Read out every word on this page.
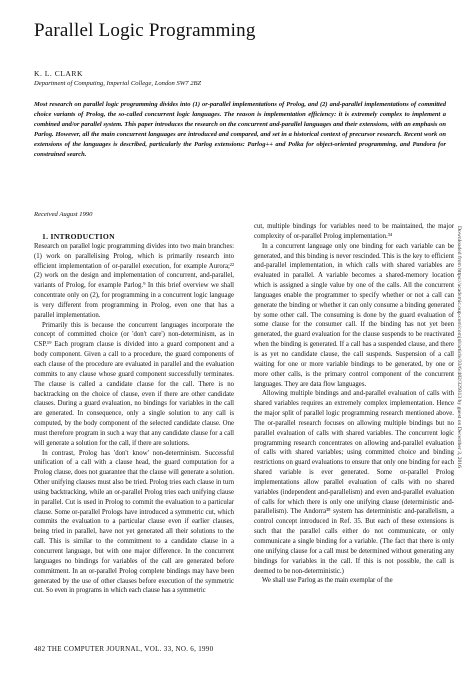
Parallel Logic Programming
K. L. CLARK
Department of Computing, Imperial College, London SW7 2BZ

Most research on parallel logic programming divides into (1) or-parallel implementations of Prolog, and (2) and-parallel implementations of committed choice variants of Prolog, the so-called concurrent logic languages. The reason is implementation efficiency: it is extremely complex to implement a combined and/or parallel system. This paper introduces the research on the concurrent and-parallel languages and their extensions, with an emphasis on Parlog. However, all the main concurrent languages are introduced and compared, and set in a historical context of precursor research. Recent work on extensions of the languages is described, particularly the Parlog extensions: Parlog++ and Polka for object-oriented programming, and Pandora for constrained search.

Received August 1990

1. INTRODUCTION

Research on parallel logic programming divides into two main branches: (1) work on parallelising Prolog, which is primarily research into efficient implementation of or-parallel execution, for example Aurora;²² (2) work on the design and implementation of concurrent, and-parallel, variants of Prolog, for example Parlog.⁹ In this brief overview we shall concentrate only on (2), for programming in a concurrent logic language is very different from programming in Prolog, even one that has a parallel implementation.

Primarily this is because the concurrent languages incorporate the concept of committed choice (or 'don't care') non-determinism, as in CSP.¹⁹ Each program clause is divided into a guard component and a body component. Given a call to a procedure, the guard components of each clause of the procedure are evaluated in parallel and the evaluation commits to any clause whose guard component successfully terminates. The clause is called a candidate clause for the call. There is no backtracking on the choice of clause, even if there are other candidate clauses. During a guard evaluation, no bindings for variables in the call are generated. In consequence, only a single solution to any call is computed, by the body component of the selected candidate clause. One must therefore program in such a way that any candidate clause for a call will generate a solution for the call, if there are solutions.

In contrast, Prolog has 'don't know' non-determinism. Successful unification of a call with a clause head, the guard computation for a Prolog clause, does not guarantee that the clause will generate a solution. Other unifying clauses must also be tried. Prolog tries each clause in turn using backtracking, while an or-parallel Prolog tries each unifying clause in parallel. Cut is used in Prolog to commit the evaluation to a particular clause. Some or-parallel Prologs have introduced a symmetric cut, which commits the evaluation to a particular clause even if earlier clauses, being tried in parallel, have not yet generated all their solutions to the call. This is similar to the commitment to a candidate clause in a concurrent language, but with one major difference. In the concurrent languages no bindings for variables of the call are generated before commitment. In an or-parallel Prolog complete bindings may have been generated by the use of other clauses before execution of the symmetric cut. So even in programs in which each clause has a symmetric

cut, multiple bindings for variables need to be maintained, the major complexity of or-parallel Prolog implementation.³⁴

In a concurrent language only one binding for each variable can be generated, and this binding is never rescinded. This is the key to efficient and-parallel implementation, in which calls with shared variables are evaluated in parallel. A variable becomes a shared-memory location which is assigned a single value by one of the calls. All the concurrent languages enable the programmer to specify whether or not a call can generate the binding or whether it can only consume a binding generated by some other call. The consuming is done by the guard evaluation of some clause for the consumer call. If the binding has not yet been generated, the guard evaluation for the clause suspends to be reactivated when the binding is generated. If a call has a suspended clause, and there is as yet no candidate clause, the call suspends. Suspension of a call waiting for one or more variable bindings to be generated, by one or more other calls, is the primary control component of the concurrent languages. They are data flow languages.

Allowing multiple bindings and and-parallel evaluation of calls with shared variables requires an extremely complex implementation. Hence the major split of parallel logic programming research mentioned above. The or-parallel research focuses on allowing multiple bindings but no parallel evaluation of calls with shared variables. The concurrent logic programming research concentrates on allowing and-parallel evaluation of calls with shared variables; using committed choice and binding restrictions on guard evaluations to ensure that only one binding for each shared variable is ever generated. Some or-parallel Prolog implementations allow parallel evaluation of calls with no shared variables (independent and-parallelism) and even and-parallel evaluation of calls for which there is only one unifying clause (deterministic and-parallelism). The Andorra³⁸ system has deterministic and-parallelism, a control concept introduced in Ref. 35. But each of these extensions is such that the parallel calls either do not communicate, or only communicate a single binding for a variable. (The fact that there is only one unifying clause for a call must be determined without generating any bindings for variables in the call. If this is not possible, the call is deemed to be non-deterministic.)

We shall use Parlog as the main exemplar of the

Downloaded from https://academic.oup.com/comjnl/article/33/6/482/329313 by guest on December 3, 2016
482 THE COMPUTER JOURNAL, VOL. 33, NO. 6, 1990
